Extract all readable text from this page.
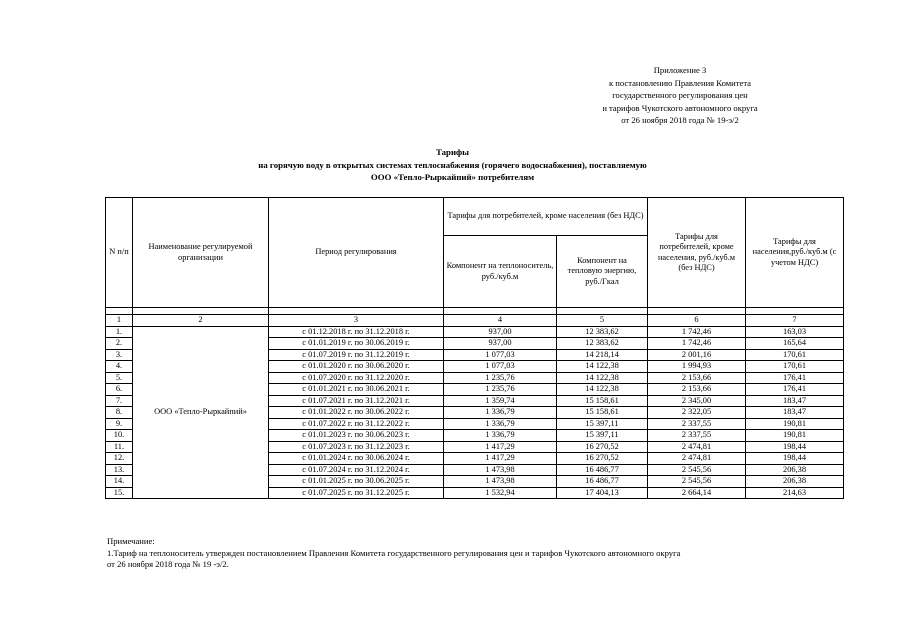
Приложение 3
к постановлению Правления Комитета
государственного регулирования цен
и тарифов Чукотского автономного округа
от 26 ноября 2018 года № 19-э/2
Тарифы
на горячую воду в открытых системах теплоснабжения (горячего водоснабжения), поставляемую
ООО «Тепло-Рыркайпий» потребителям
N п/п	Наименование регулируемой организации	Период регулирования	Тарифы для потребителей, кроме населения (без НДС)		Тарифы для потребителей, кроме населения, руб./куб.м (без НДС)	Тарифы для населения,руб./куб.м (с учетом НДС)
			Компонент на теплоноситель, руб./куб.м	Компонент на тепловую энергию, руб./Гкал		

1	2	3	4	5	6	7
1.	ООО «Тепло-Рыркайпий»	с 01.12.2018 г. по 31.12.2018 г.	937,00	12 383,62	1 742,46	163,03
2.		с 01.01.2019 г. по 30.06.2019 г.	937,00	12 383,62	1 742,46	165,64
3.		с 01.07.2019 г. по 31.12.2019 г.	1 077,03	14 218,14	2 001,16	170,61
4.		с 01.01.2020 г. по 30.06.2020 г.	1 077,03	14 122,38	1 994,93	170,61
5.		с 01.07.2020 г. по 31.12.2020 г.	1 235,76	14 122,38	2 153,66	176,41
6.		с 01.01.2021 г. по 30.06.2021 г.	1 235,76	14 122,38	2 153,66	176,41
7.		с 01.07.2021 г. по 31.12.2021 г.	1 359,74	15 158,61	2 345,00	183,47
8.		с 01.01.2022 г. по 30.06.2022 г.	1 336,79	15 158,61	2 322,05	183,47
9.		с 01.07.2022 г. по 31.12.2022 г.	1 336,79	15 397,11	2 337,55	190,81
10.		с 01.01.2023 г. по 30.06.2023 г.	1 336,79	15 397,11	2 337,55	190,81
11.		с 01.07.2023 г. по 31.12.2023 г.	1 417,29	16 270,52	2 474,81	198,44
12.		с 01.01.2024 г. по 30.06.2024 г.	1 417,29	16 270,52	2 474,81	198,44
13.		с 01.07.2024 г. по 31.12.2024 г.	1 473,98	16 486,77	2 545,56	206,38
14.		с 01.01.2025 г. по 30.06.2025 г.	1 473,98	16 486,77	2 545,56	206,38
15.		с 01.07.2025 г. по 31.12.2025 г.	1 532,94	17 404,13	2 664,14	214,63
Примечание:
1.Тариф на теплоноситель утвержден постановлением Правления Комитета государственного регулирования цен и тарифов Чукотского автономного округа
от 26 ноября 2018 года № 19 -э/2.
